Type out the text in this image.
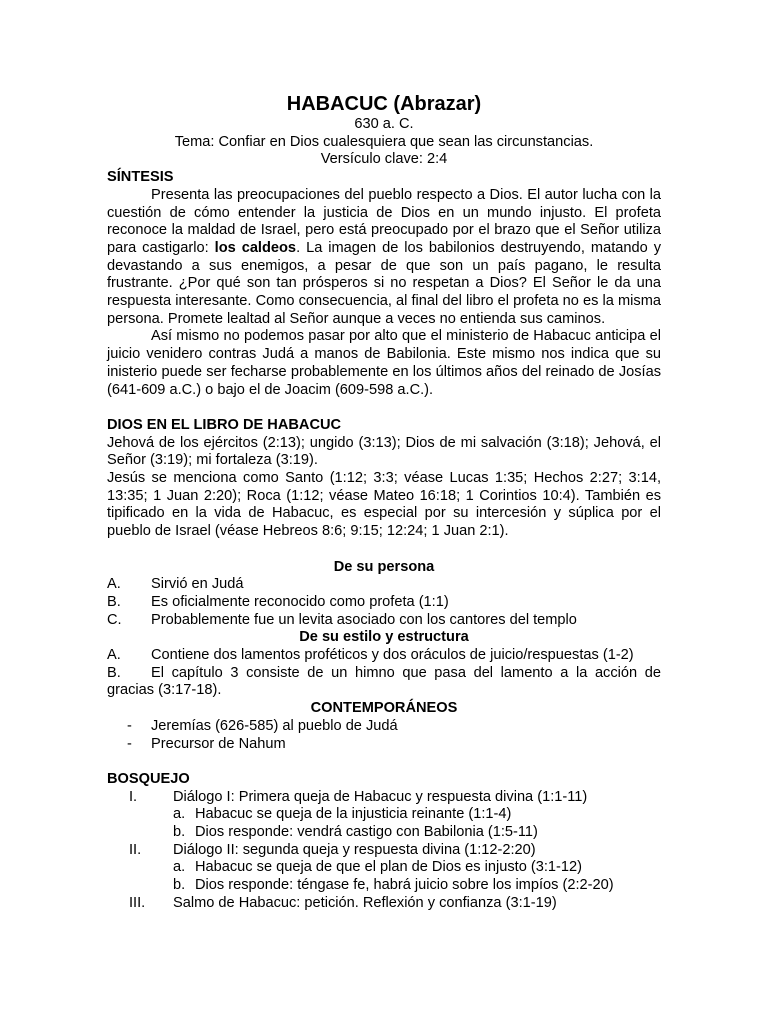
HABACUC (Abrazar)
630 a. C.
Tema: Confiar en Dios cualesquiera que sean las circunstancias.
Versículo clave: 2:4
SÍNTESIS
Presenta las preocupaciones del pueblo respecto a Dios. El autor lucha con la cuestión de cómo entender la justicia de Dios en un mundo injusto. El profeta reconoce la maldad de Israel, pero está preocupado por el brazo que el Señor utiliza para castigarlo: los caldeos. La imagen de los babilonios destruyendo, matando y devastando a sus enemigos, a pesar de que son un país pagano, le resulta frustrante. ¿Por qué son tan prósperos si no respetan a Dios? El Señor le da una respuesta interesante. Como consecuencia, al final del libro el profeta no es la misma persona. Promete lealtad al Señor aunque a veces no entienda sus caminos.
Así mismo no podemos pasar por alto que el ministerio de Habacuc anticipa el juicio venidero contras Judá a manos de Babilonia. Este mismo nos indica que su inisterio puede ser fecharse probablemente en los últimos años del reinado de Josías (641-609 a.C.) o bajo el de Joacim (609-598 a.C.).
DIOS EN EL LIBRO DE HABACUC
Jehová de los ejércitos (2:13); ungido (3:13); Dios de mi salvación (3:18); Jehová, el Señor (3:19); mi fortaleza (3:19).
Jesús se menciona como Santo (1:12; 3:3; véase Lucas 1:35; Hechos 2:27; 3:14, 13:35; 1 Juan 2:20); Roca (1:12; véase Mateo 16:18; 1 Corintios 10:4). También es tipificado en la vida de Habacuc, es especial por su intercesión y súplica por el pueblo de Israel (véase Hebreos 8:6; 9:15; 12:24; 1 Juan 2:1).
De su persona
A.	Sirvió en Judá
B.	Es oficialmente reconocido como profeta (1:1)
C.	Probablemente fue un levita asociado con los cantores del templo
De su estilo y estructura
A.	Contiene dos lamentos proféticos y dos oráculos de juicio/respuestas (1-2)
B. El capítulo 3 consiste de un himno que pasa del lamento a la acción de gracias (3:17-18).
CONTEMPORÁNEOS
-	Jeremías (626-585) al pueblo de Judá
-	Precursor de Nahum
BOSQUEJO
I.	Diálogo I: Primera queja de Habacuc y respuesta divina (1:1-11)
a. Habacuc se queja de la injusticia reinante (1:1-4)
b. Dios responde: vendrá castigo con Babilonia (1:5-11)
II.	Diálogo II: segunda queja y respuesta divina (1:12-2:20)
a. Habacuc se queja de que el plan de Dios es injusto (3:1-12)
b. Dios responde: téngase fe, habrá juicio sobre los impíos (2:2-20)
III.	Salmo de Habacuc: petición. Reflexión y confianza (3:1-19)
